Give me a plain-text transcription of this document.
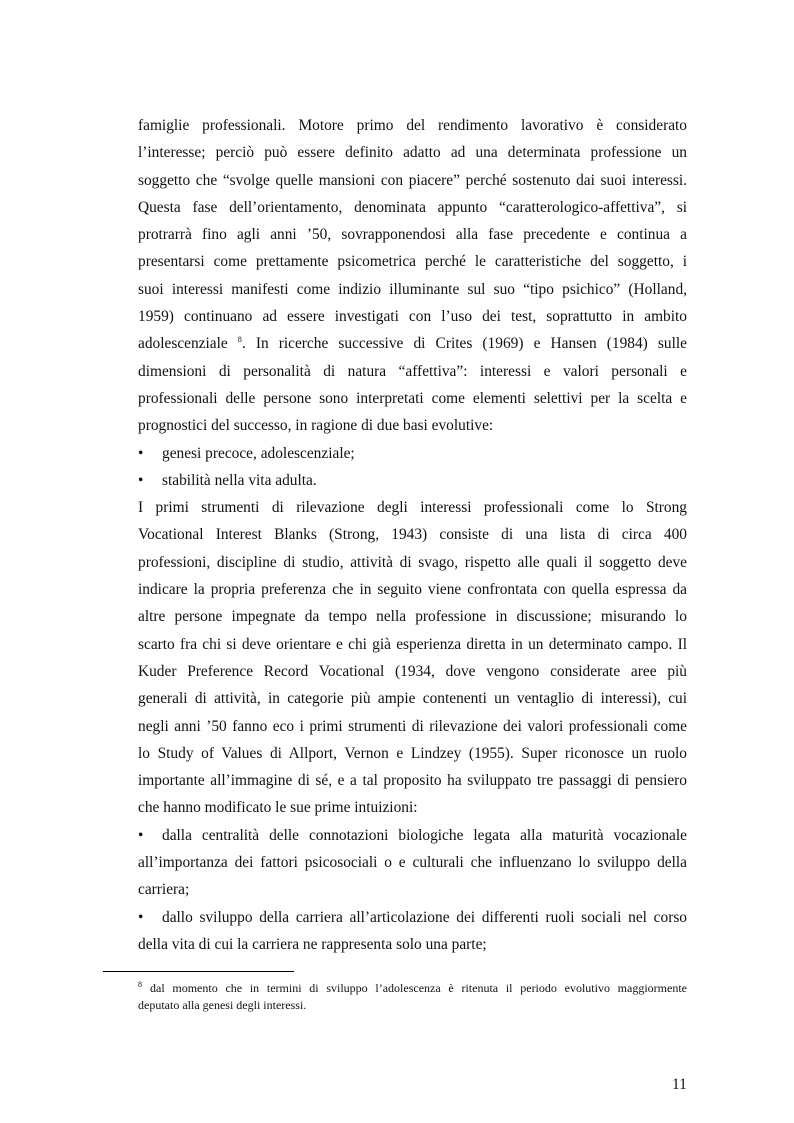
famiglie professionali. Motore primo del rendimento lavorativo è considerato

l’interesse; perciò può essere definito adatto ad una determinata professione un

soggetto che “svolge quelle mansioni con piacere” perché sostenuto dai suoi interessi.

Questa fase dell’orientamento, denominata appunto “caratterologico-affettiva”, si

protrarrà fino agli anni ’50, sovrapponendosi alla fase precedente e continua a

presentarsi come prettamente psicometrica perché le caratteristiche del soggetto, i

suoi interessi manifesti come indizio illuminante sul suo “tipo psichico” (Holland,

1959) continuano ad essere investigati con l’uso dei test, soprattutto in ambito

adolescenziale $^8$. In ricerche successive di Crites (1969) e Hansen (1984) sulle

dimensioni di personalità di natura “affettiva”: interessi e valori personali e

professionali delle persone sono interpretati come elementi selettivi per la scelta e

prognostici del successo, in ragione di due basi evolutive:

•	genesi precoce, adolescenziale;
•	stabilità nella vita adulta.

I primi strumenti di rilevazione degli interessi professionali come lo Strong

Vocational Interest Blanks (Strong, 1943) consiste di una lista di circa 400

professioni, discipline di studio, attività di svago, rispetto alle quali il soggetto deve

indicare la propria preferenza che in seguito viene confrontata con quella espressa da

altre persone impegnate da tempo nella professione in discussione; misurando lo

scarto fra chi si deve orientare e chi già esperienza diretta in un determinato campo. Il

Kuder Preference Record Vocational (1934, dove vengono considerate aree più

generali di attività, in categorie più ampie contenenti un ventaglio di interessi), cui

negli anni ’50 fanno eco i primi strumenti di rilevazione dei valori professionali come

lo Study of Values di Allport, Vernon e Lindzey (1955). Super riconosce un ruolo

importante all’immagine di sé, e a tal proposito ha sviluppato tre passaggi di pensiero

che hanno modificato le sue prime intuizioni:

•	dalla centralità delle connotazioni biologiche legata alla maturità vocazionale

all’importanza dei fattori psicosociali o e culturali che influenzano lo sviluppo della

carriera;

•	dallo sviluppo della carriera all’articolazione dei differenti ruoli sociali nel corso

della vita di cui la carriera ne rappresenta solo una parte;

$^8$ dal momento che in termini di sviluppo l’adolescenza è ritenuta il periodo evolutivo maggiormente
deputato alla genesi degli interessi.
11
